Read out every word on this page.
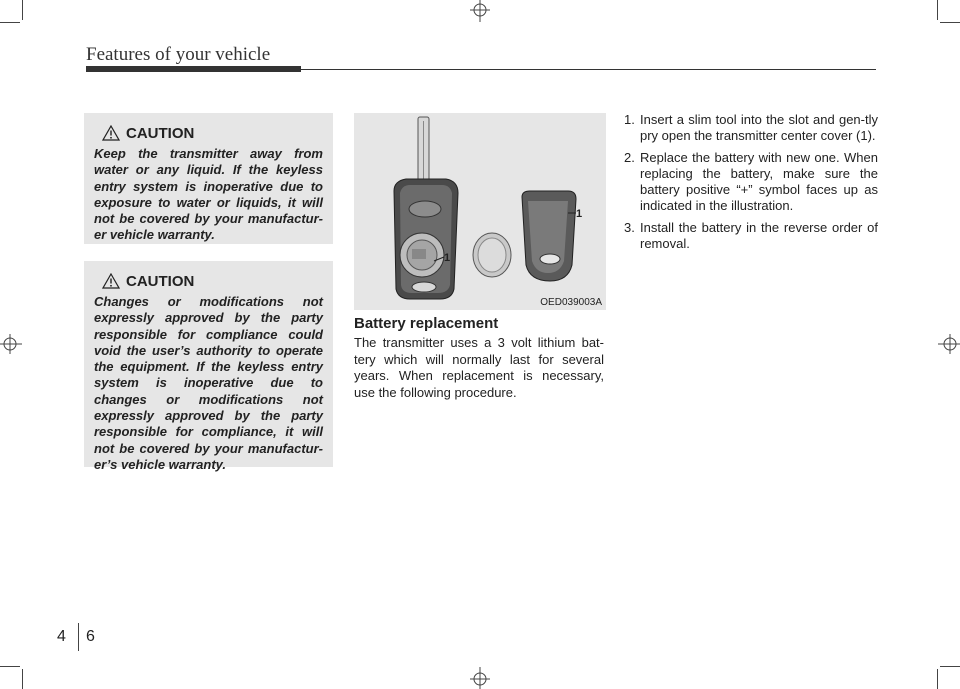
Features of your vehicle
CAUTION

Keep the transmitter away from water or any liquid. If the keyless entry system is inoperative due to exposure to water or liquids, it will not be covered by your manufactur-er vehicle warranty.

CAUTION

Changes or modifications not expressly approved by the party responsible for compliance could void the user’s authority to operate the equipment. If the keyless entry system is inoperative due to changes or modifications not expressly approved by the party responsible for compliance, it will not be covered by your manufactur-er’s vehicle warranty.

1
1
OED039003A
Battery replacement

The transmitter uses a 3 volt lithium bat-tery which will normally last for several years. When replacement is necessary, use the following procedure.

1. Insert a slim tool into the slot and gen-tly pry open the transmitter center cover (1).
2. Replace the battery with new one. When replacing the battery, make sure the battery positive “+” symbol faces up as indicated in the illustration.
3. Install the battery in the reverse order of removal.
4 6
